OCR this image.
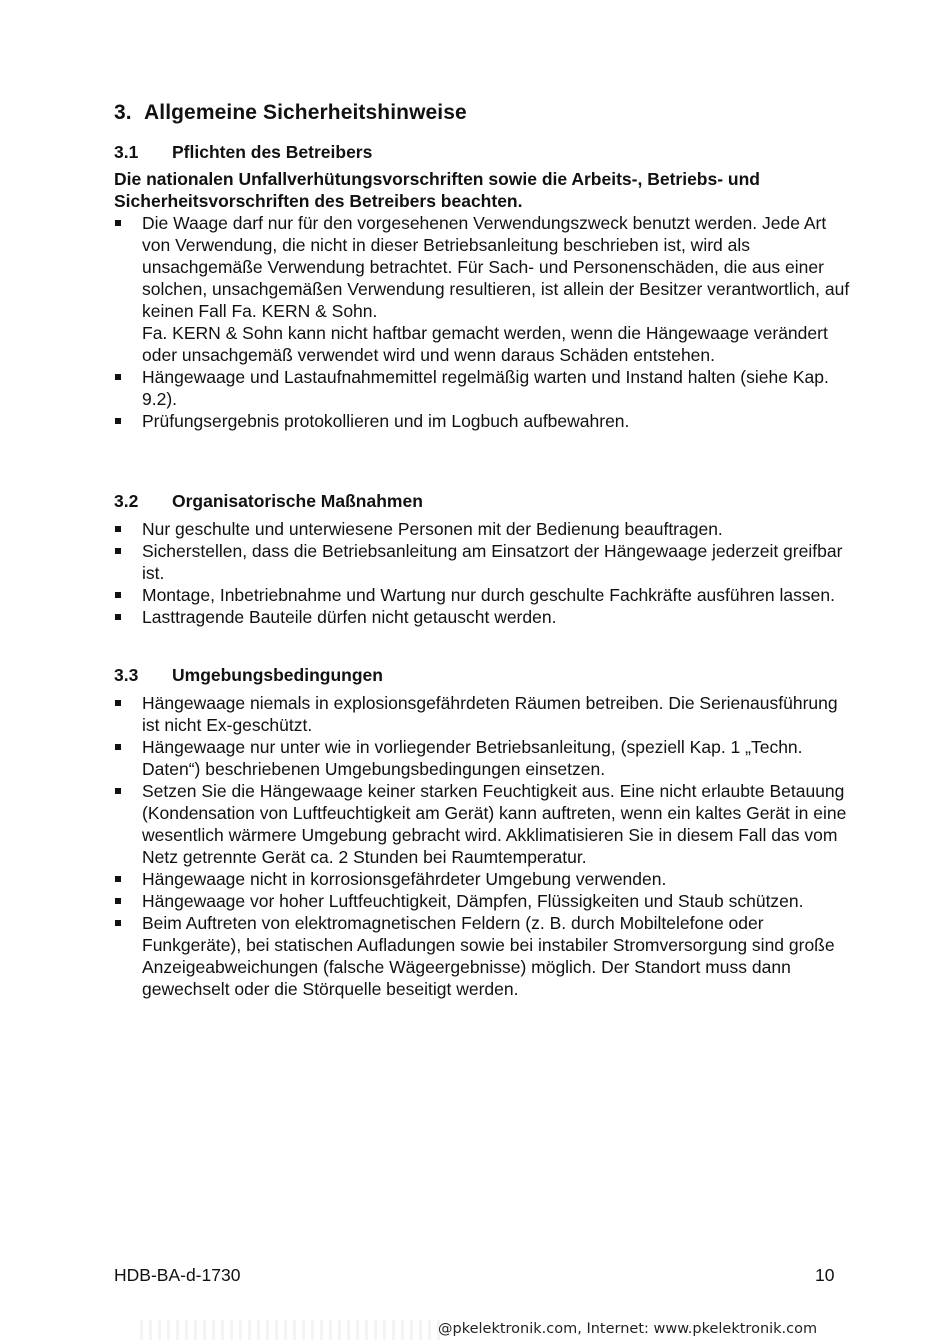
3. Allgemeine Sicherheitshinweise
3.1 Pflichten des Betreibers
Die nationalen Unfallverhütungsvorschriften sowie die Arbeits-, Betriebs- und Sicherheitsvorschriften des Betreibers beachten.
Die Waage darf nur für den vorgesehenen Verwendungszweck benutzt werden. Jede Art von Verwendung, die nicht in dieser Betriebsanleitung beschrieben ist, wird als unsachgemäße Verwendung betrachtet. Für Sach- und Personenschäden, die aus einer solchen, unsachgemäßen Verwendung resultieren, ist allein der Besitzer verantwortlich, auf keinen Fall Fa. KERN & Sohn.
Fa. KERN & Sohn kann nicht haftbar gemacht werden, wenn die Hängewaage verändert oder unsachgemäß verwendet wird und wenn daraus Schäden entstehen.
Hängewaage und Lastaufnahmemittel regelmäßig warten und Instand halten (siehe Kap. 9.2).
Prüfungsergebnis protokollieren und im Logbuch aufbewahren.
3.2 Organisatorische Maßnahmen
Nur geschulte und unterwiesene Personen mit der Bedienung beauftragen.
Sicherstellen, dass die Betriebsanleitung am Einsatzort der Hängewaage jederzeit greifbar ist.
Montage, Inbetriebnahme und Wartung nur durch geschulte Fachkräfte ausführen lassen.
Lasttragende Bauteile dürfen nicht getauscht werden.
3.3 Umgebungsbedingungen
Hängewaage niemals in explosionsgefährdeten Räumen betreiben. Die Serienausführung ist nicht Ex-geschützt.
Hängewaage nur unter wie in vorliegender Betriebsanleitung, (speziell Kap. 1 „Techn. Daten“) beschriebenen Umgebungsbedingungen einsetzen.
Setzen Sie die Hängewaage keiner starken Feuchtigkeit aus. Eine nicht erlaubte Betauung (Kondensation von Luftfeuchtigkeit am Gerät) kann auftreten, wenn ein kaltes Gerät in eine wesentlich wärmere Umgebung gebracht wird. Akklimatisieren Sie in diesem Fall das vom Netz getrennte Gerät ca. 2 Stunden bei Raumtemperatur.
Hängewaage nicht in korrosionsgefährdeter Umgebung verwenden.
Hängewaage vor hoher Luftfeuchtigkeit, Dämpfen, Flüssigkeiten und Staub schützen.
Beim Auftreten von elektromagnetischen Feldern (z. B. durch Mobiltelefone oder Funkgeräte), bei statischen Aufladungen sowie bei instabiler Stromversorgung sind große Anzeigeabweichungen (falsche Wägeergebnisse) möglich. Der Standort muss dann gewechselt oder die Störquelle beseitigt werden.
HDB-BA-d-1730	10
@pkelektronik.com, Internet: www.pkelektronik.com
